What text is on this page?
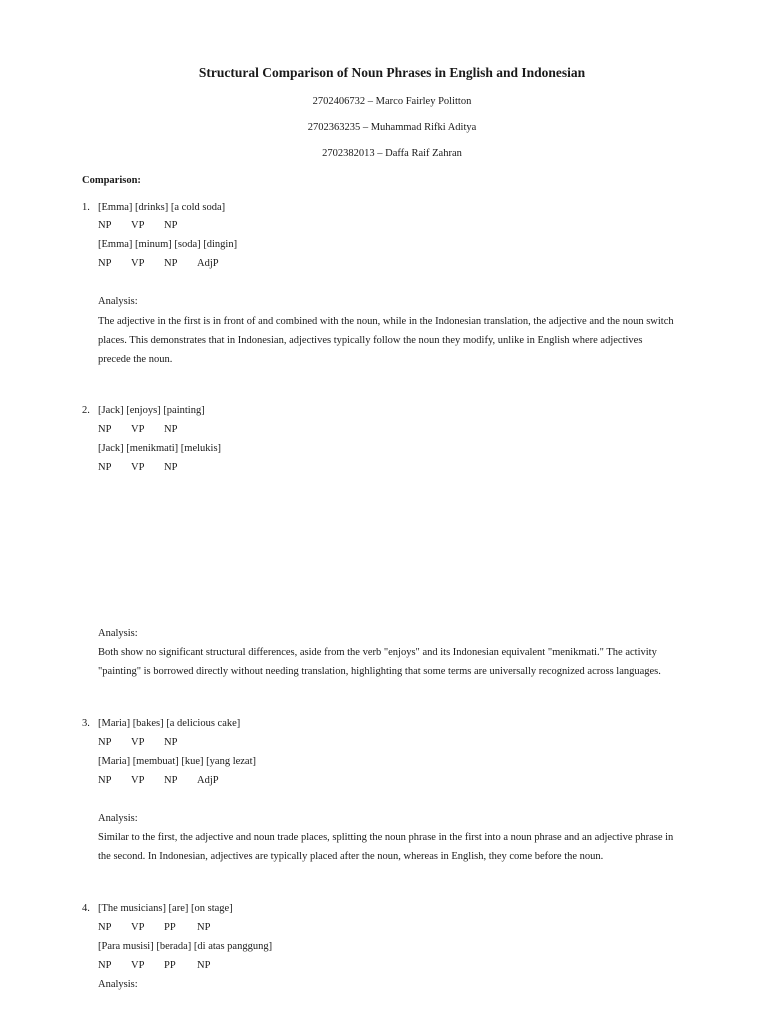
Structural Comparison of Noun Phrases in English and Indonesian

2702406732 – Marco Fairley Politton

2702363235 – Muhammad Rifki Aditya

2702382013 – Daffa Raif Zahran

Comparison:
1. [Emma] [drinks] [a cold soda]
NP VP NP
[Emma] [minum] [soda] [dingin]
NP VP NP AdjP
Analysis:
The adjective in the first is in front of and combined with the noun, while in the Indonesian translation, the adjective and the noun switch
places. This demonstrates that in Indonesian, adjectives typically follow the noun they modify, unlike in English where adjectives
precede the noun.
2. [Jack] [enjoys] [painting]
NP VP NP
[Jack] [menikmati] [melukis]
NP VP NP
Analysis:
Both show no significant structural differences, aside from the verb "enjoys" and its Indonesian equivalent "menikmati." The activity
"painting" is borrowed directly without needing translation, highlighting that some terms are universally recognized across languages.
3. [Maria] [bakes] [a delicious cake]
NP VP NP
[Maria] [membuat] [kue] [yang lezat]
NP VP NP AdjP
Analysis:
Similar to the first, the adjective and noun trade places, splitting the noun phrase in the first into a noun phrase and an adjective phrase in
the second. In Indonesian, adjectives are typically placed after the noun, whereas in English, they come before the noun.
4. [The musicians] [are] [on stage]
NP VP PP NP
[Para musisi] [berada] [di atas panggung]
NP VP PP NP
Analysis:
